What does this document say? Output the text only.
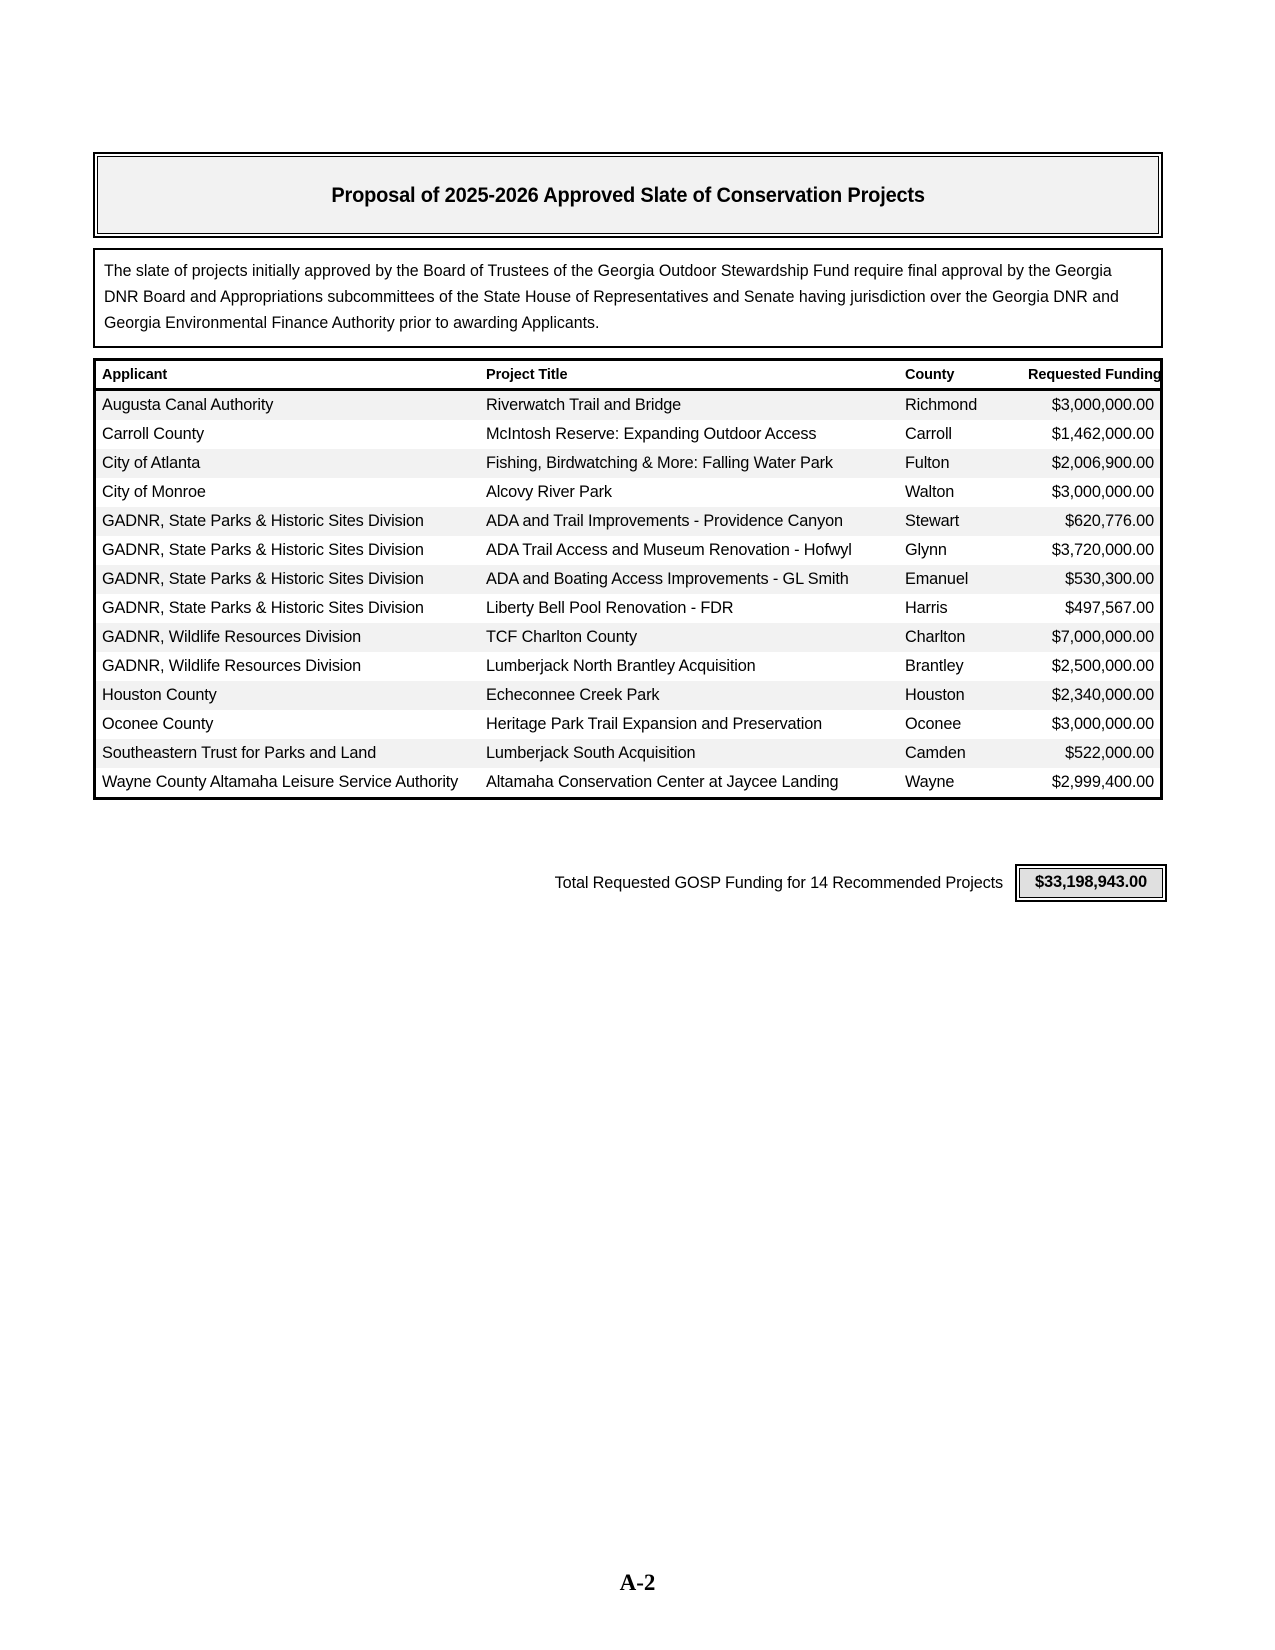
Proposal of 2025-2026 Approved Slate of Conservation Projects
The slate of projects initially approved by the Board of Trustees of the Georgia Outdoor Stewardship Fund require final approval by the Georgia DNR Board and Appropriations subcommittees of the State House of Representatives and Senate having jurisdiction over the Georgia DNR and Georgia Environmental Finance Authority prior to awarding Applicants.
Applicant	Project Title	County	Requested Funding
Augusta Canal Authority	Riverwatch Trail and Bridge	Richmond	$3,000,000.00
Carroll County	McIntosh Reserve: Expanding Outdoor Access	Carroll	$1,462,000.00
City of Atlanta	Fishing, Birdwatching & More: Falling Water Park	Fulton	$2,006,900.00
City of Monroe	Alcovy River Park	Walton	$3,000,000.00
GADNR, State Parks & Historic Sites Division	ADA and Trail Improvements - Providence Canyon	Stewart	$620,776.00
GADNR, State Parks & Historic Sites Division	ADA Trail Access and Museum Renovation - Hofwyl	Glynn	$3,720,000.00
GADNR, State Parks & Historic Sites Division	ADA and Boating Access Improvements - GL Smith	Emanuel	$530,300.00
GADNR, State Parks & Historic Sites Division	Liberty Bell Pool Renovation - FDR	Harris	$497,567.00
GADNR, Wildlife Resources Division	TCF Charlton County	Charlton	$7,000,000.00
GADNR, Wildlife Resources Division	Lumberjack North Brantley Acquisition	Brantley	$2,500,000.00
Houston County	Echeconnee Creek Park	Houston	$2,340,000.00
Oconee County	Heritage Park Trail Expansion and Preservation	Oconee	$3,000,000.00
Southeastern Trust for Parks and Land	Lumberjack South Acquisition	Camden	$522,000.00
Wayne County Altamaha Leisure Service Authority	Altamaha Conservation Center at Jaycee Landing	Wayne	$2,999,400.00
Total Requested GOSP Funding for 14 Recommended Projects	$33,198,943.00
A-2
